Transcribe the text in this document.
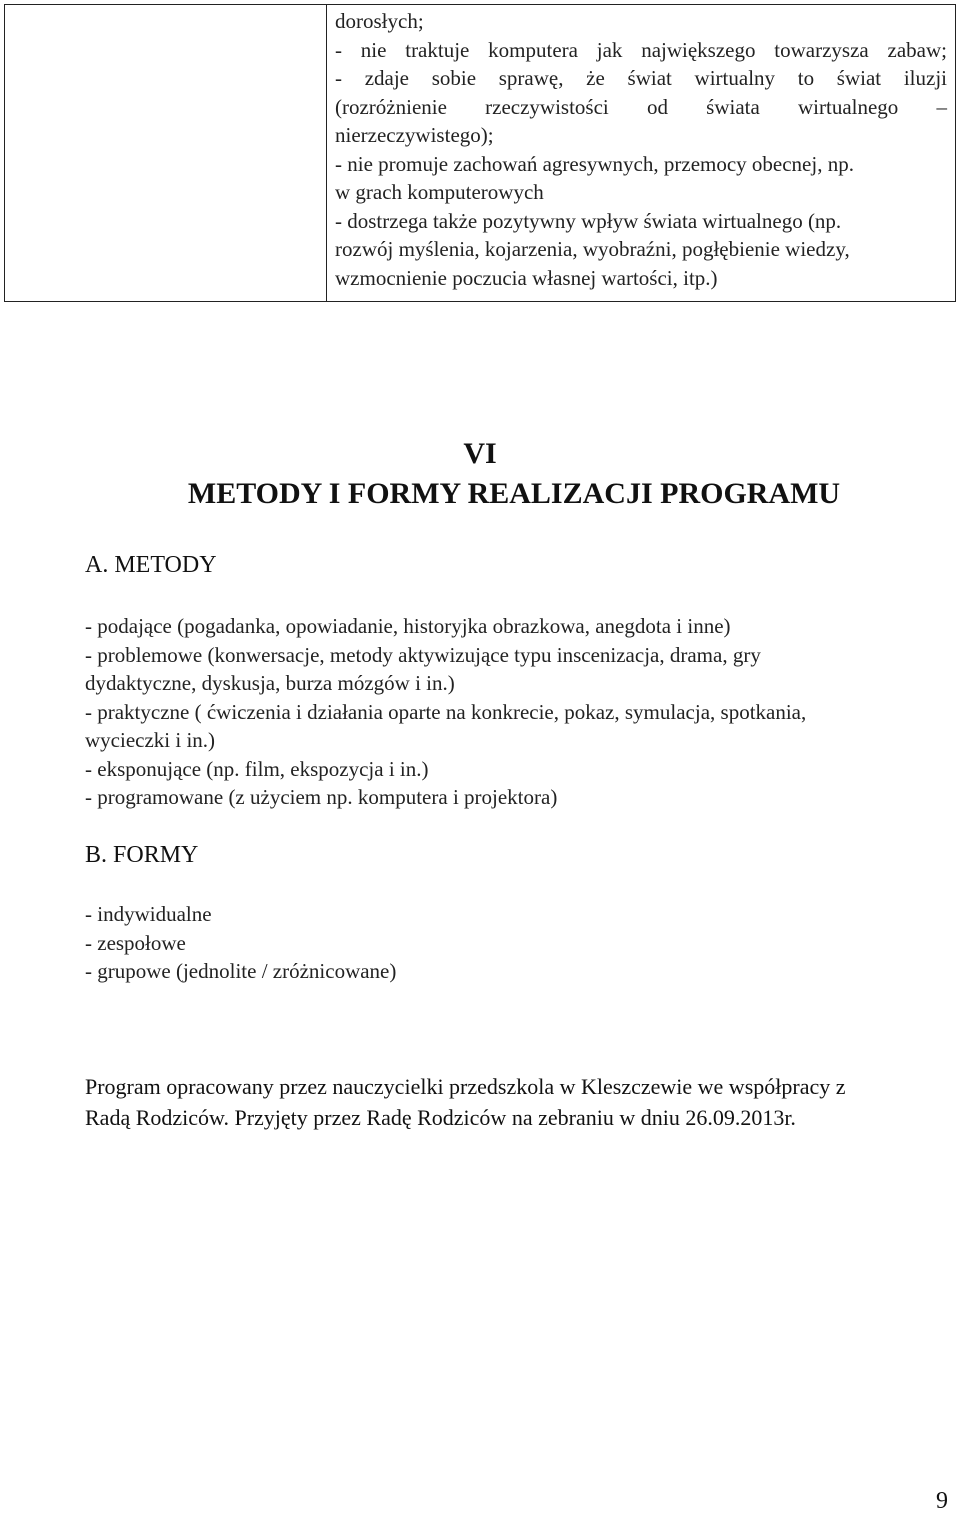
dorosłych;
- nie traktuje komputera jak największego towarzysza zabaw;
- zdaje sobie sprawę, że świat wirtualny to świat iluzji
(rozróżnienie rzeczywistości od świata wirtualnego –
nierzeczywistego);
- nie promuje zachowań agresywnych, przemocy obecnej, np.
w grach komputerowych
- dostrzega także pozytywny wpływ świata wirtualnego (np.
rozwój myślenia, kojarzenia, wyobraźni, pogłębienie wiedzy,
wzmocnienie poczucia własnej wartości, itp.)
VI
METODY I FORMY REALIZACJI PROGRAMU
A. METODY
- podające (pogadanka, opowiadanie, historyjka obrazkowa, anegdota i inne)
- problemowe (konwersacje, metody aktywizujące typu inscenizacja, drama, gry
dydaktyczne, dyskusja, burza mózgów i in.)
- praktyczne ( ćwiczenia i działania oparte na konkrecie, pokaz, symulacja, spotkania,
wycieczki i in.)
- eksponujące (np. film, ekspozycja i in.)
- programowane (z użyciem np. komputera i projektora)
B. FORMY
- indywidualne
- zespołowe
- grupowe (jednolite / zróżnicowane)
Program opracowany przez nauczycielki przedszkola w Kleszczewie we współpracy z
Radą Rodziców. Przyjęty przez Radę Rodziców na zebraniu w dniu 26.09.2013r.
9
